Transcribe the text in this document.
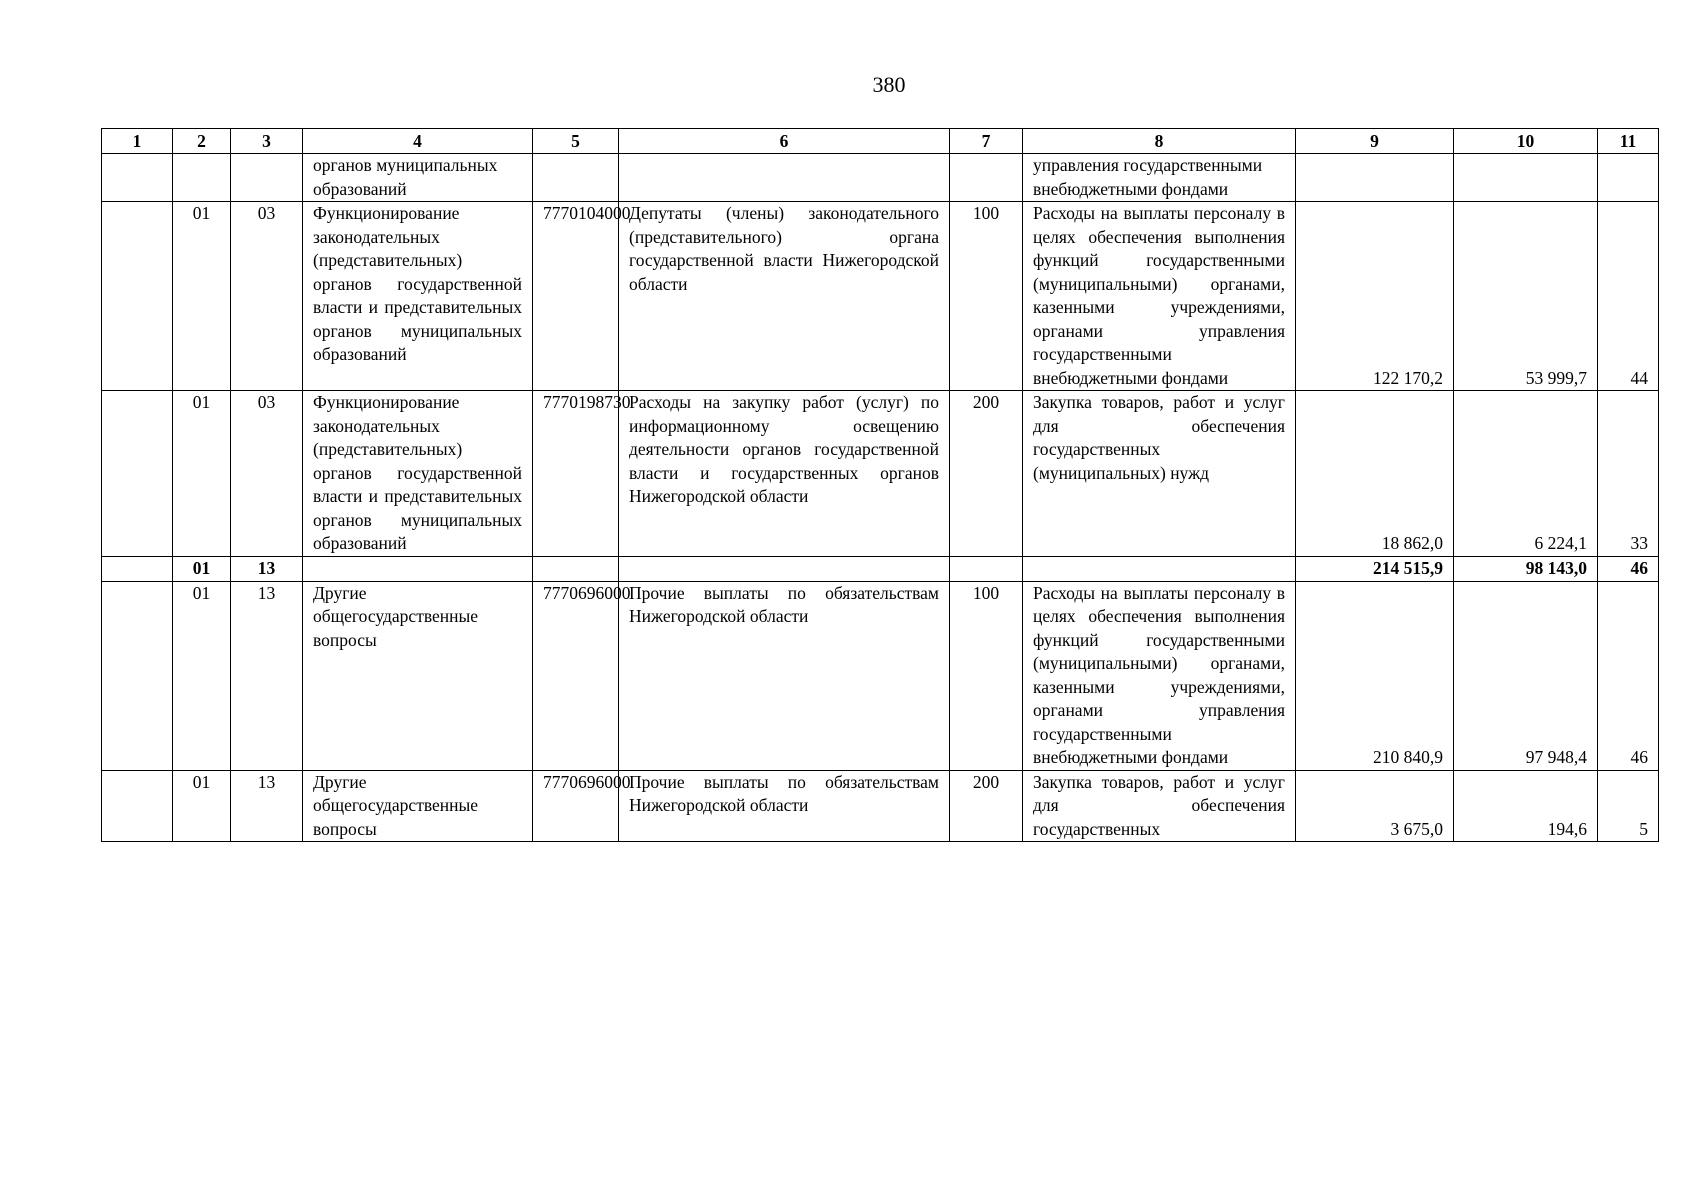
380
1	2	3	4	5	6	7	8	9	10	11
			органов муниципальных образований				управления государственными внебюджетными фондами			
	01	03	Функционирование законодательных (представительных) органов государственной власти и представительных органов муниципальных образований	7770104000	Депутаты (члены) законодательного (представительного) органа государственной власти Нижегородской области	100	Расходы на выплаты персоналу в целях обеспечения выполнения функций государственными (муниципальными) органами, казенными учреждениями, органами управления государственными внебюджетными фондами	122 170,2	53 999,7	44
	01	03	Функционирование законодательных (представительных) органов государственной власти и представительных органов муниципальных образований	7770198730	Расходы на закупку работ (услуг) по информационному освещению деятельности органов государственной власти и государственных органов Нижегородской области	200	Закупка товаров, работ и услуг для обеспечения государственных (муниципальных) нужд	18 862,0	6 224,1	33
	01	13						214 515,9	98 143,0	46
	01	13	Другие общегосударственные вопросы	7770696000	Прочие выплаты по обязательствам Нижегородской области	100	Расходы на выплаты персоналу в целях обеспечения выполнения функций государственными (муниципальными) органами, казенными учреждениями, органами управления государственными внебюджетными фондами	210 840,9	97 948,4	46
	01	13	Другие общегосударственные вопросы	7770696000	Прочие выплаты по обязательствам Нижегородской области	200	Закупка товаров, работ и услуг для обеспечения государственных	3 675,0	194,6	5
